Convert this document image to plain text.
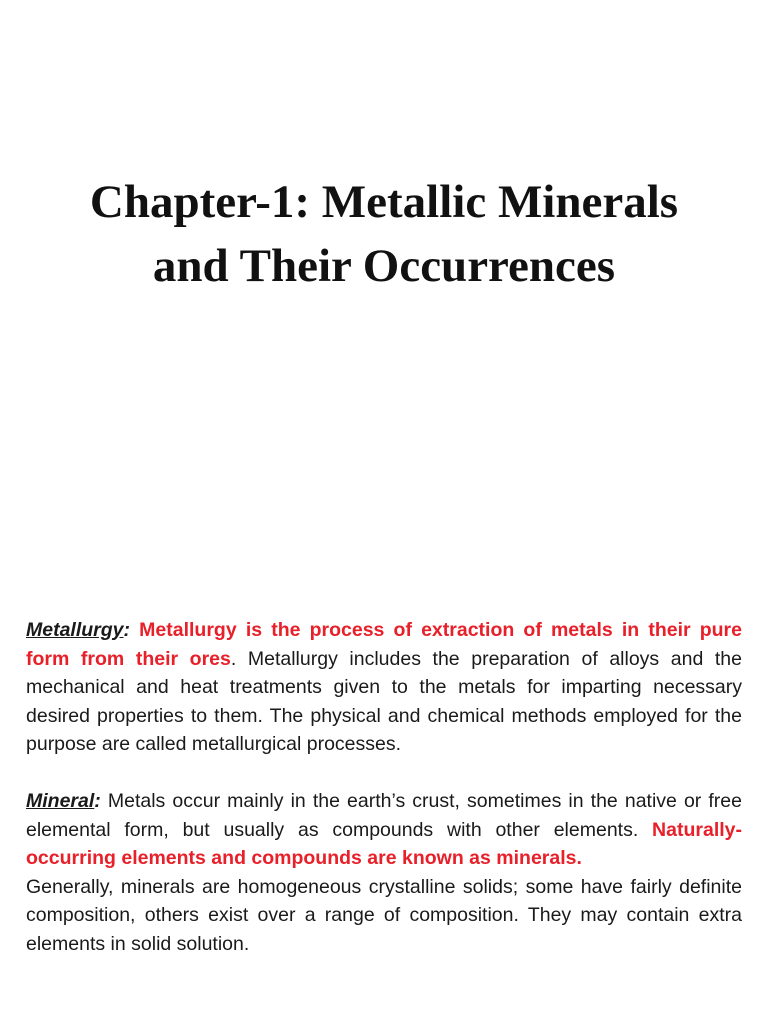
Chapter-1: Metallic Minerals
and Their Occurrences

Metallurgy: Metallurgy is the process of extraction of metals in their pure form from their ores. Metallurgy includes the preparation of alloys and the mechanical and heat treatments given to the metals for imparting necessary desired properties to them. The physical and chemical methods employed for the purpose are called metallurgical processes.

Mineral: Metals occur mainly in the earth’s crust, sometimes in the native or free elemental form, but usually as compounds with other elements. Naturally-occurring elements and compounds are known as minerals.

Generally, minerals are homogeneous crystalline solids; some have fairly definite composition, others exist over a range of composition. They may contain extra elements in solid solution.
